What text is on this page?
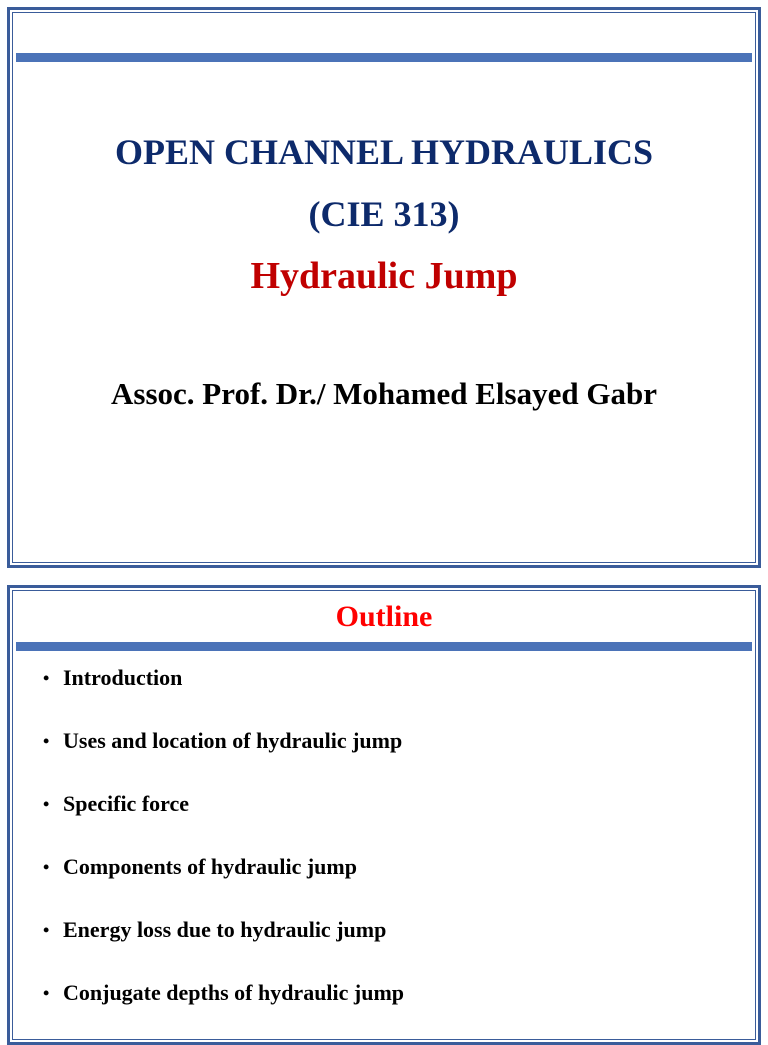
OPEN CHANNEL HYDRAULICS
(CIE 313)
Hydraulic Jump
Assoc. Prof. Dr./ Mohamed Elsayed Gabr
Outline
• Introduction
• Uses and location of hydraulic jump
• Specific force
• Components of hydraulic jump
• Energy loss due to hydraulic jump
• Conjugate depths of hydraulic jump
